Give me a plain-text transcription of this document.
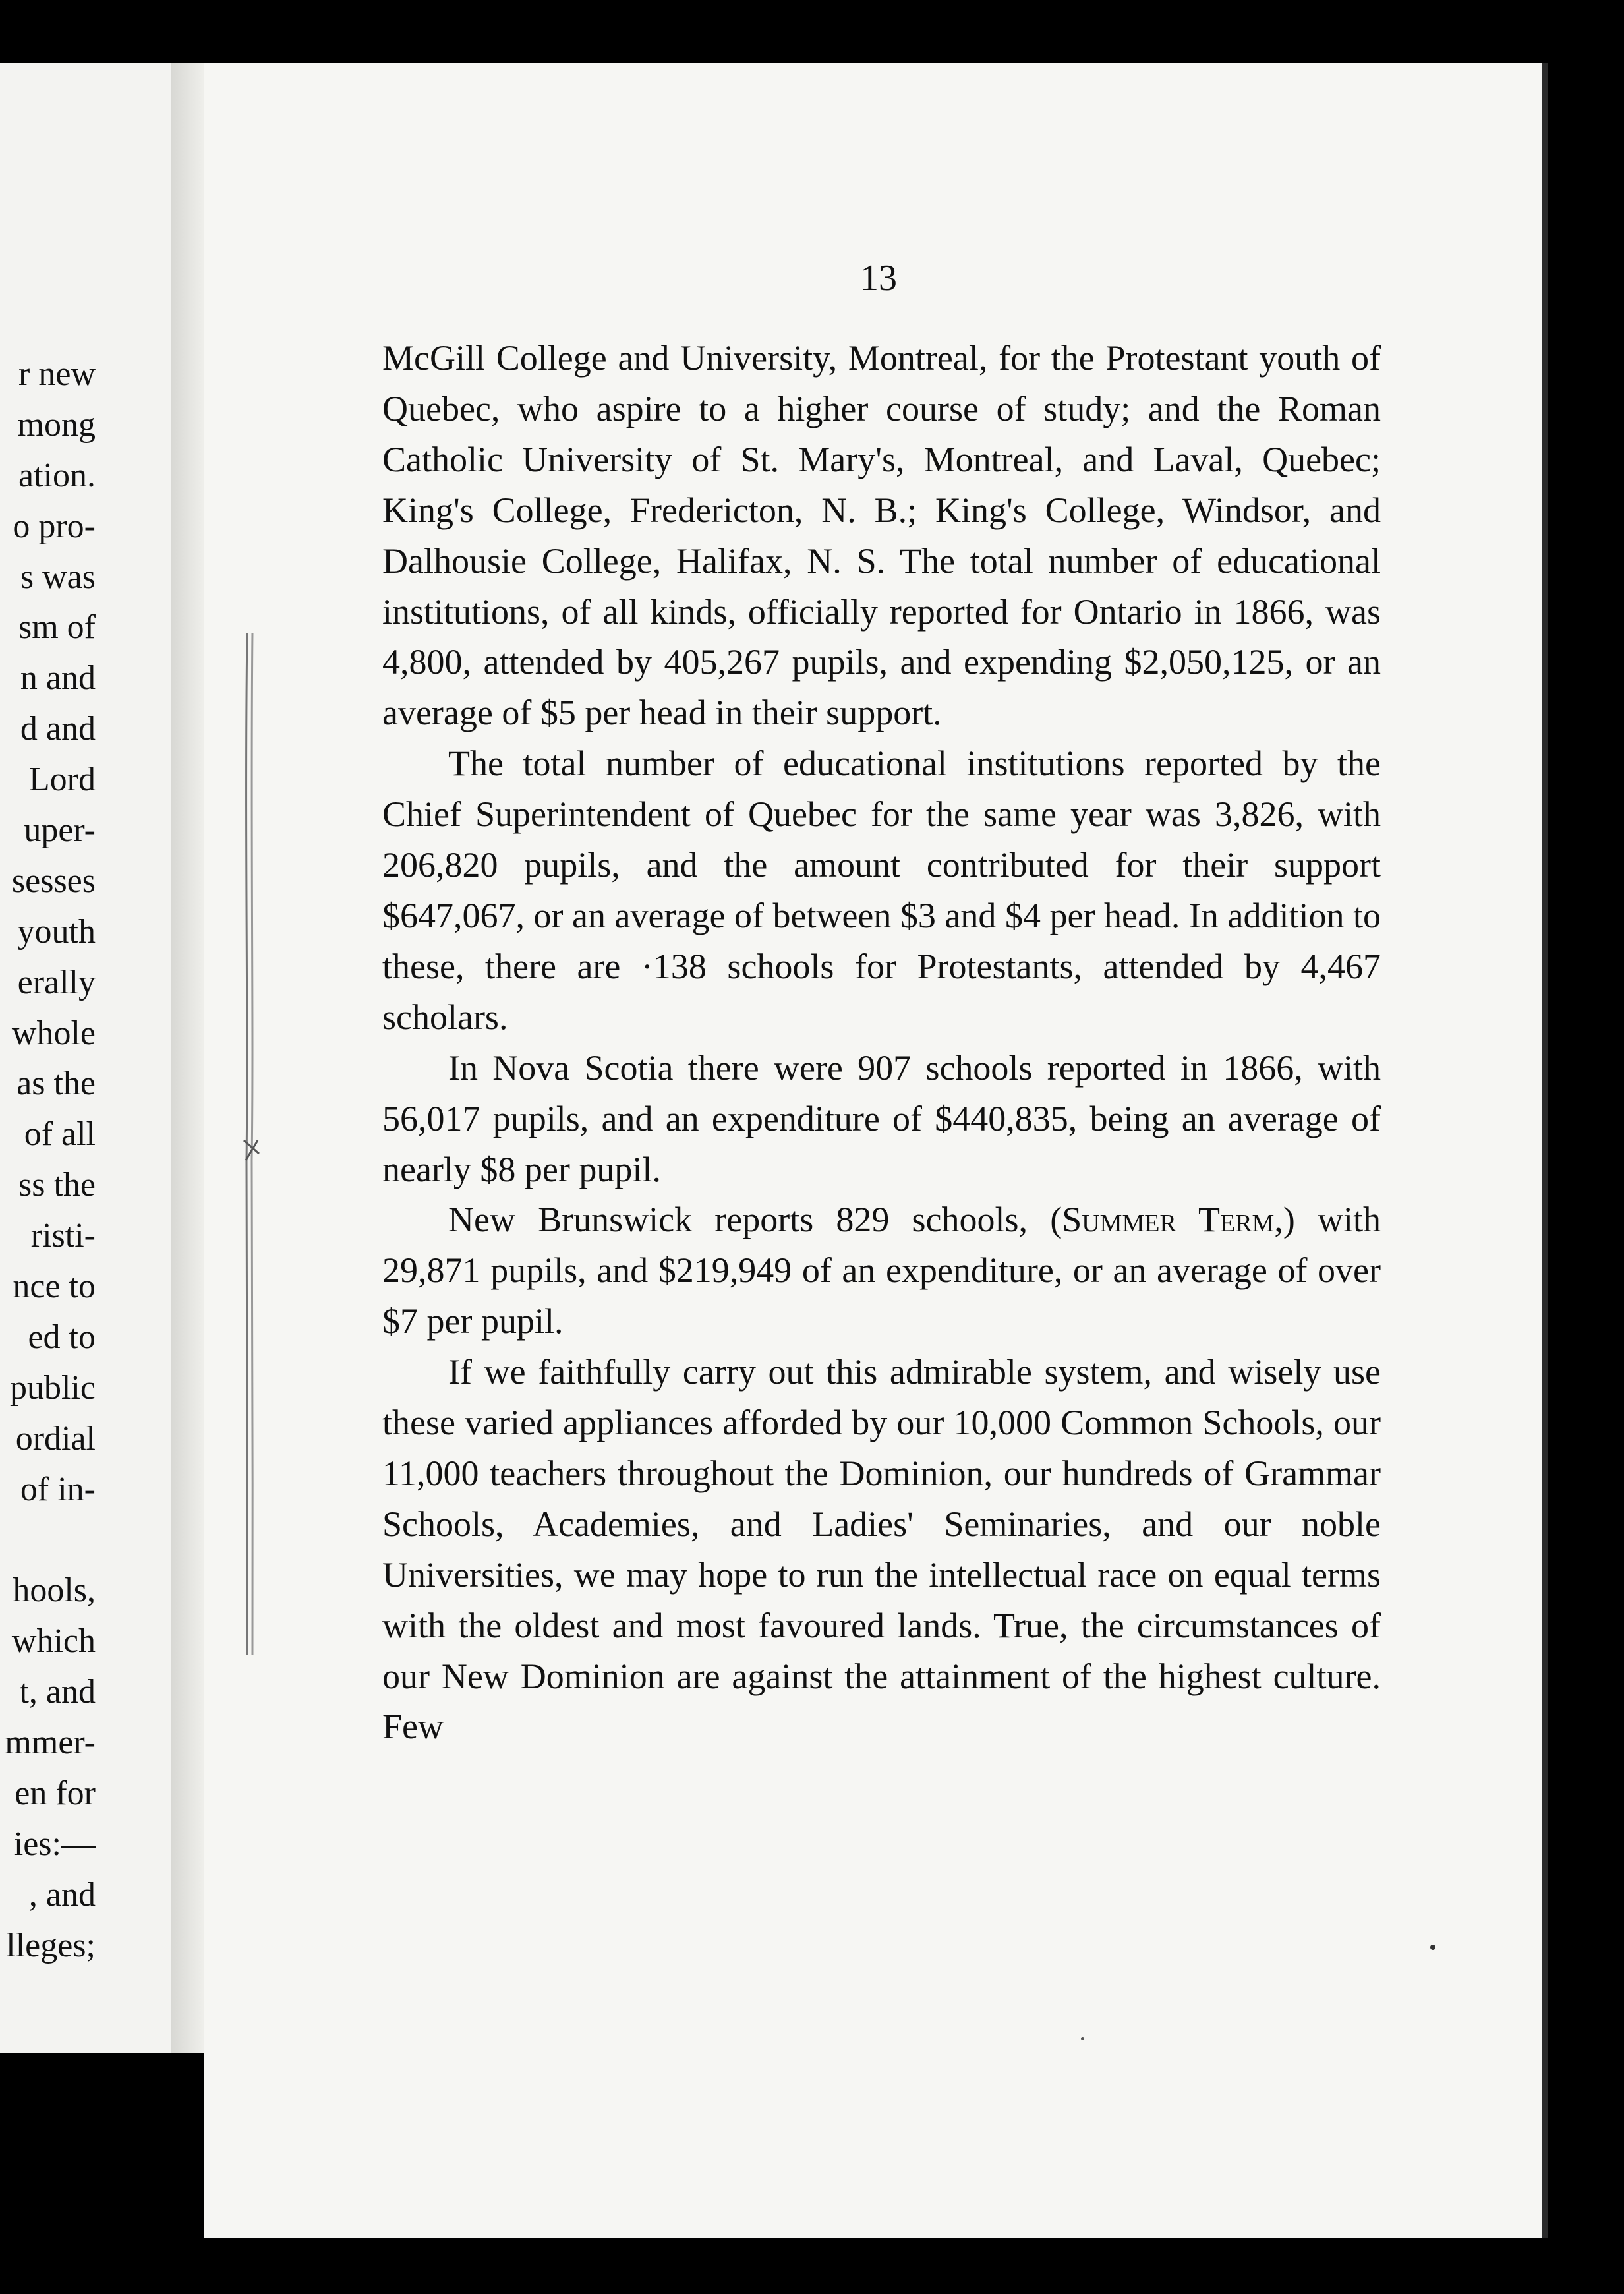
r new
mong
ation.
o pro-
s was
sm of
n and
d and
Lord
uper-
sesses
youth
erally
whole
as the
of all
ss the
risti-
nce to
ed to
public
ordial
of in-
hools,
which
t, and
mmer-
en for
ies:—
, and
lleges;
13

McGill College and University, Montreal, for the Protestant youth of Quebec, who aspire to a higher course of study; and the Roman Catholic University of St. Mary's, Montreal, and Laval, Quebec; King's College, Fredericton, N. B.; King's College, Windsor, and Dalhousie College, Halifax, N. S. The total number of educational institutions, of all kinds, officially reported for Ontario in 1866, was 4,800, attended by 405,267 pupils, and expending $2,050,125, or an average of $5 per head in their support.

The total number of educational institutions reported by the Chief Superintendent of Quebec for the same year was 3,826, with 206,820 pupils, and the amount contributed for their support $647,067, or an average of between $3 and $4 per head. In addition to these, there are ·138 schools for Protestants, attended by 4,467 scholars.

In Nova Scotia there were 907 schools reported in 1866, with 56,017 pupils, and an expenditure of $440,835, being an average of nearly $8 per pupil.

New Brunswick reports 829 schools, (Summer Term,) with 29,871 pupils, and $219,949 of an expenditure, or an average of over $7 per pupil.

If we faithfully carry out this admirable system, and wisely use these varied appliances afforded by our 10,000 Common Schools, our 11,000 teachers throughout the Dominion, our hundreds of Grammar Schools, Academies, and Ladies' Seminaries, and our noble Universities, we may hope to run the intellectual race on equal terms with the oldest and most favoured lands. True, the circumstances of our New Dominion are against the attainment of the highest culture. Few
